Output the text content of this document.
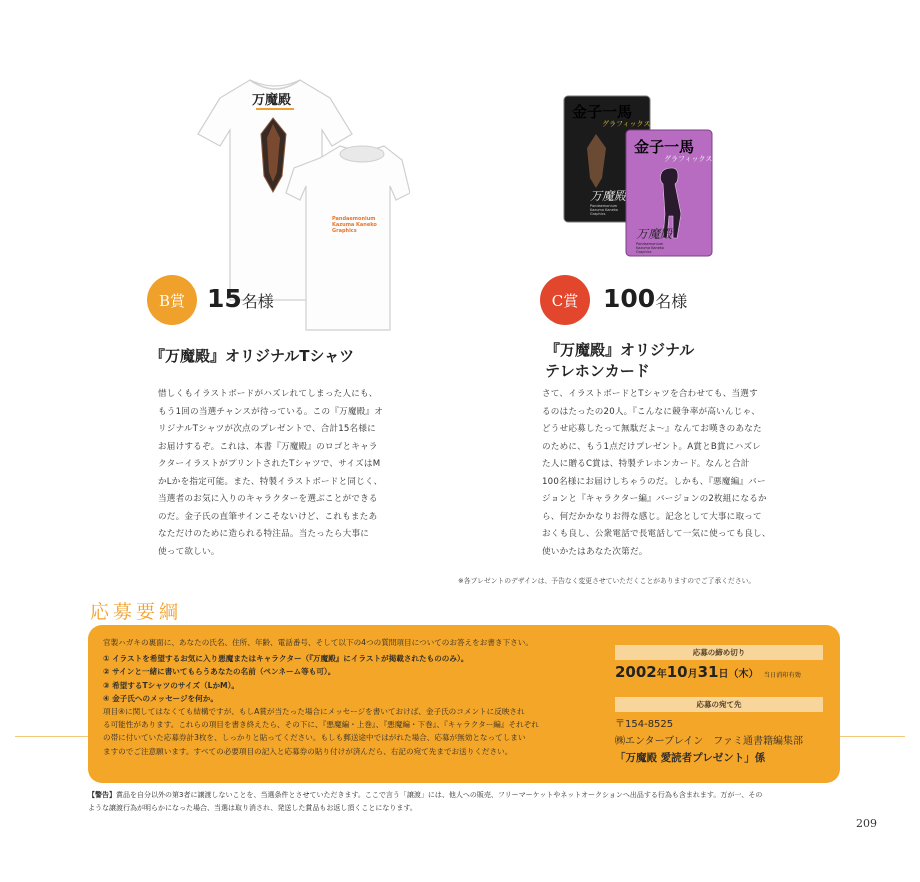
万魔殿
Pandaemonium
Kazuma Kaneko
Graphics
金子一馬
グラフィックス
万魔殿
Pandaemonium
Kazuma Kaneko
Graphics
金子一馬
グラフィックス
万魔殿
Pandaemonium
Kazuma Kaneko
Graphics
B賞 15名様
『万魔殿』オリジナルTシャツ
惜しくもイラストボードがハズレれてしまった人にも、
もう1回の当選チャンスが待っている。この『万魔殿』オ
リジナルTシャツが次点のプレゼントで、合計15名様に
お届けするぞ。これは、本書『万魔殿』のロゴとキャラ
クターイラストがプリントされたTシャツで、サイズはM
かLかを指定可能。また、特製イラストボードと同じく、
当選者のお気に入りのキャラクターを選ぶことができる
のだ。金子氏の直筆サインこそないけど、これもまたあ
なただけのために造られる特注品。当たったら大事に
使って欲しい。
C賞 100名様
『万魔殿』オリジナル
テレホンカード
さて、イラストボードとTシャツを合わせても、当選す
るのはたったの20人。『こんなに競争率が高いんじゃ、
どうせ応募したって無駄だよ〜』なんてお嘆きのあなた
のために、もう1点だけプレゼント。A賞とB賞にハズレ
た人に贈るC賞は、特製テレホンカード。なんと合計
100名様にお届けしちゃうのだ。しかも、『悪魔編』バー
ジョンと『キャラクター編』バージョンの2枚組になるか
ら、何だかかなりお得な感じ。記念として大事に取って
おくも良し、公衆電話で長電話して一気に使っても良し、
使いかたはあなた次第だ。
※各プレゼントのデザインは、予告なく変更させていただくことがありますのでご了承ください。
応募要綱

官製ハガキの裏面に、あなたの氏名、住所、年齢、電話番号、そして以下の4つの質問項目についてのお答えをお書き下さい。

① イラストを希望するお気に入り悪魔またはキャラクター（『万魔殿』にイラストが掲載されたもののみ）。

② サインと一緒に書いてもらうあなたの名前（ペンネーム等も可）。

③ 希望するTシャツのサイズ（LかM）。

④ 金子氏へのメッセージを何か。

項目④に関してはなくても結構ですが、もしA賞が当たった場合にメッセージを書いておけば、金子氏のコメントに反映され

る可能性があります。これらの項目を書き終えたら、その下に、『悪魔編・上巻』、『悪魔編・下巻』、『キャラクター編』それぞれ

の帯に付いていた応募券計3枚を、しっかりと貼ってください。もしも郵送途中ではがれた場合、応募が無効となってしまい

ますのでご注意願います。すべての必要項目の記入と応募券の貼り付けが済んだら、右記の宛て先までお送りください。

応募の締め切り
2002年10月31日（木） 当日消印有効
応募の宛て先

〒154-8525

㈱エンターブレイン　ファミ通書籍編集部

「万魔殿 愛読者プレゼント」係

【警告】賞品を自分以外の第3者に譲渡しないことを、当選条件とさせていただきます。ここで言う「譲渡」には、他人への販売、フリーマーケットやネットオークションへ出品する行為も含まれます。万が一、その
ような譲渡行為が明らかになった場合、当選は取り消され、発送した賞品もお返し頂くことになります。
209
